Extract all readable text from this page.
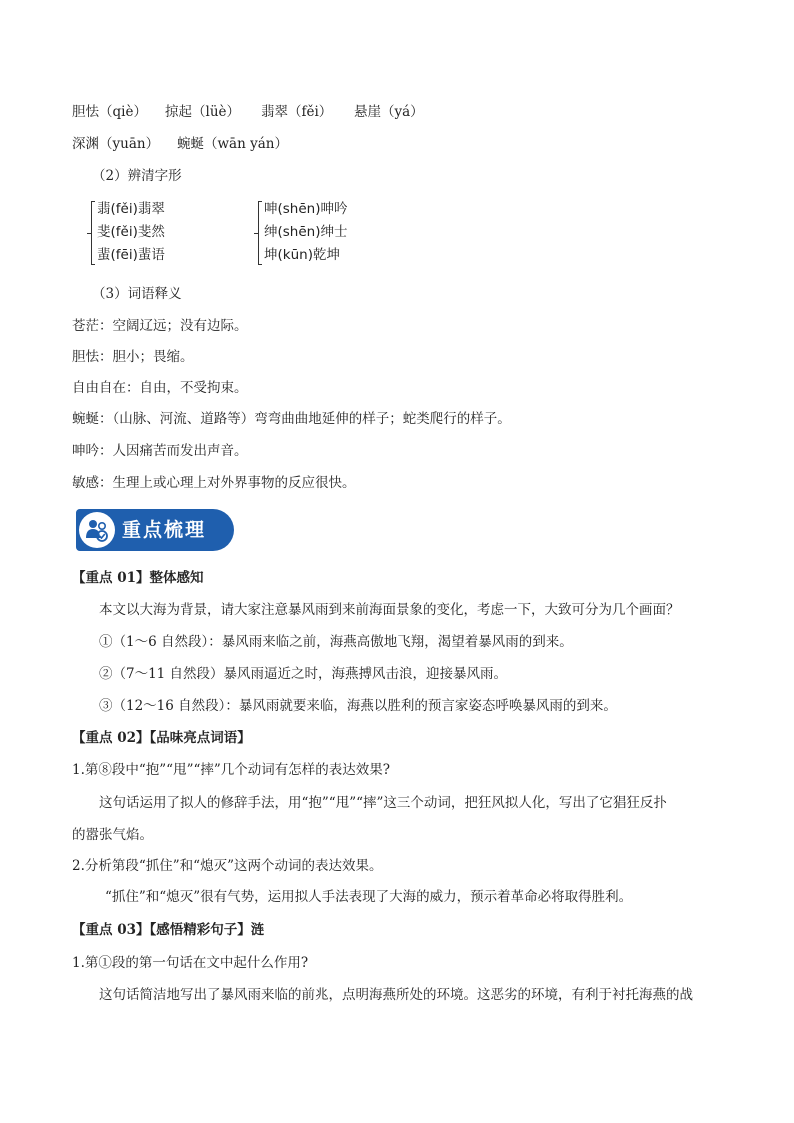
胆怯（qiè） 掠起（lüè） 翡翠（fěi） 悬崖（yá）
深渊（yuān） 蜿蜒（wān yán）
（2）辨清字形
翡(fěi)翡翠
斐(fěi)斐然
蜚(fēi)蜚语
呻(shēn)呻吟
绅(shēn)绅士
坤(kūn)乾坤
（3）词语释义
苍茫：空阔辽远；没有边际。
胆怯：胆小；畏缩。
自由自在：自由，不受拘束。
蜿蜒：（山脉、河流、道路等）弯弯曲曲地延伸的样子；蛇类爬行的样子。
呻吟：人因痛苦而发出声音。
敏感：生理上或心理上对外界事物的反应很快。
重点梳理
【重点 01】整体感知
本文以大海为背景，请大家注意暴风雨到来前海面景象的变化，考虑一下，大致可分为几个画面？
①（1～6 自然段）：暴风雨来临之前，海燕高傲地飞翔，渴望着暴风雨的到来。
②（7～11 自然段）暴风雨逼近之时，海燕搏风击浪，迎接暴风雨。
③（12～16 自然段）：暴风雨就要来临，海燕以胜利的预言家姿态呼唤暴风雨的到来。
【重点 02】【品味亮点词语】
1.第⑧段中“抱”“甩”“摔”几个动词有怎样的表达效果?
这句话运用了拟人的修辞手法，用“抱”“甩”“摔”这三个动词，把狂风拟人化，写出了它猖狂反扑
的嚣张气焰。
2.分析第段“抓住”和“熄灭”这两个动词的表达效果。
“抓住”和“熄灭”很有气势，运用拟人手法表现了大海的威力，预示着革命必将取得胜利。
【重点 03】【感悟精彩句子】涟
1.第①段的第一句话在文中起什么作用?
这句话简洁地写出了暴风雨来临的前兆，点明海燕所处的环境。这恶劣的环境，有利于衬托海燕的战
